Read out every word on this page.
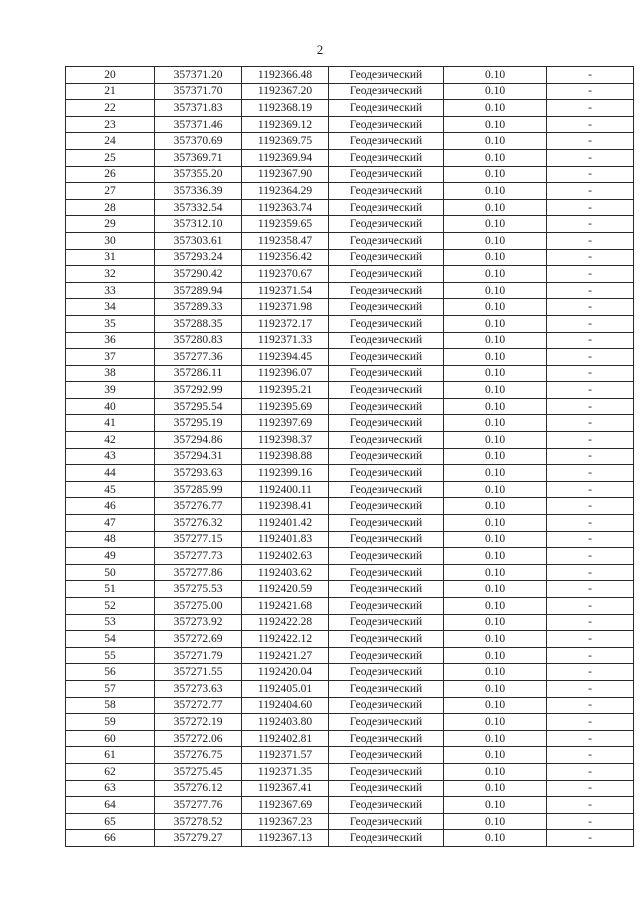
2
20	357371.20	1192366.48	Геодезический	0.10	-
21	357371.70	1192367.20	Геодезический	0.10	-
22	357371.83	1192368.19	Геодезический	0.10	-
23	357371.46	1192369.12	Геодезический	0.10	-
24	357370.69	1192369.75	Геодезический	0.10	-
25	357369.71	1192369.94	Геодезический	0.10	-
26	357355.20	1192367.90	Геодезический	0.10	-
27	357336.39	1192364.29	Геодезический	0.10	-
28	357332.54	1192363.74	Геодезический	0.10	-
29	357312.10	1192359.65	Геодезический	0.10	-
30	357303.61	1192358.47	Геодезический	0.10	-
31	357293.24	1192356.42	Геодезический	0.10	-
32	357290.42	1192370.67	Геодезический	0.10	-
33	357289.94	1192371.54	Геодезический	0.10	-
34	357289.33	1192371.98	Геодезический	0.10	-
35	357288.35	1192372.17	Геодезический	0.10	-
36	357280.83	1192371.33	Геодезический	0.10	-
37	357277.36	1192394.45	Геодезический	0.10	-
38	357286.11	1192396.07	Геодезический	0.10	-
39	357292.99	1192395.21	Геодезический	0.10	-
40	357295.54	1192395.69	Геодезический	0.10	-
41	357295.19	1192397.69	Геодезический	0.10	-
42	357294.86	1192398.37	Геодезический	0.10	-
43	357294.31	1192398.88	Геодезический	0.10	-
44	357293.63	1192399.16	Геодезический	0.10	-
45	357285.99	1192400.11	Геодезический	0.10	-
46	357276.77	1192398.41	Геодезический	0.10	-
47	357276.32	1192401.42	Геодезический	0.10	-
48	357277.15	1192401.83	Геодезический	0.10	-
49	357277.73	1192402.63	Геодезический	0.10	-
50	357277.86	1192403.62	Геодезический	0.10	-
51	357275.53	1192420.59	Геодезический	0.10	-
52	357275.00	1192421.68	Геодезический	0.10	-
53	357273.92	1192422.28	Геодезический	0.10	-
54	357272.69	1192422.12	Геодезический	0.10	-
55	357271.79	1192421.27	Геодезический	0.10	-
56	357271.55	1192420.04	Геодезический	0.10	-
57	357273.63	1192405.01	Геодезический	0.10	-
58	357272.77	1192404.60	Геодезический	0.10	-
59	357272.19	1192403.80	Геодезический	0.10	-
60	357272.06	1192402.81	Геодезический	0.10	-
61	357276.75	1192371.57	Геодезический	0.10	-
62	357275.45	1192371.35	Геодезический	0.10	-
63	357276.12	1192367.41	Геодезический	0.10	-
64	357277.76	1192367.69	Геодезический	0.10	-
65	357278.52	1192367.23	Геодезический	0.10	-
66	357279.27	1192367.13	Геодезический	0.10	-
